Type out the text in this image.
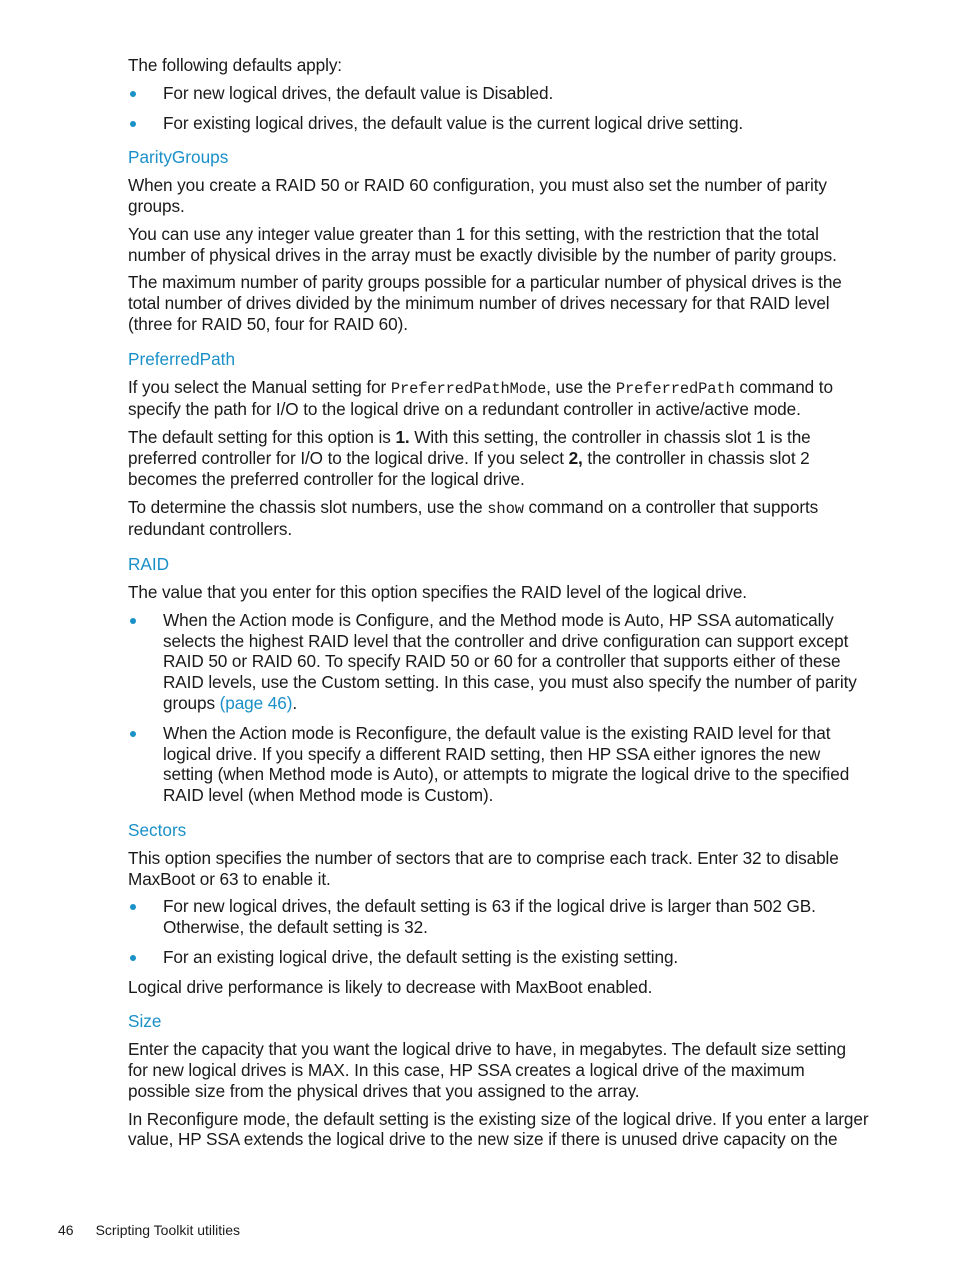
The following defaults apply:

For new logical drives, the default value is Disabled.
For existing logical drives, the default value is the current logical drive setting.
ParityGroups

When you create a RAID 50 or RAID 60 configuration, you must also set the number of parity groups.

You can use any integer value greater than 1 for this setting, with the restriction that the total number of physical drives in the array must be exactly divisible by the number of parity groups.

The maximum number of parity groups possible for a particular number of physical drives is the total number of drives divided by the minimum number of drives necessary for that RAID level (three for RAID 50, four for RAID 60).

PreferredPath

If you select the Manual setting for PreferredPathMode, use the PreferredPath command to specify the path for I/O to the logical drive on a redundant controller in active/active mode.

The default setting for this option is 1. With this setting, the controller in chassis slot 1 is the preferred controller for I/O to the logical drive. If you select 2, the controller in chassis slot 2 becomes the preferred controller for the logical drive.

To determine the chassis slot numbers, use the show command on a controller that supports redundant controllers.

RAID

The value that you enter for this option specifies the RAID level of the logical drive.

When the Action mode is Configure, and the Method mode is Auto, HP SSA automatically selects the highest RAID level that the controller and drive configuration can support except RAID 50 or RAID 60. To specify RAID 50 or 60 for a controller that supports either of these RAID levels, use the Custom setting. In this case, you must also specify the number of parity groups (page 46).
When the Action mode is Reconfigure, the default value is the existing RAID level for that logical drive. If you specify a different RAID setting, then HP SSA either ignores the new setting (when Method mode is Auto), or attempts to migrate the logical drive to the specified RAID level (when Method mode is Custom).
Sectors

This option specifies the number of sectors that are to comprise each track. Enter 32 to disable MaxBoot or 63 to enable it.

For new logical drives, the default setting is 63 if the logical drive is larger than 502 GB. Otherwise, the default setting is 32.
For an existing logical drive, the default setting is the existing setting.

Logical drive performance is likely to decrease with MaxBoot enabled.

Size

Enter the capacity that you want the logical drive to have, in megabytes. The default size setting for new logical drives is MAX. In this case, HP SSA creates a logical drive of the maximum possible size from the physical drives that you assigned to the array.

In Reconfigure mode, the default setting is the existing size of the logical drive. If you enter a larger value, HP SSA extends the logical drive to the new size if there is unused drive capacity on the

46 Scripting Toolkit utilities
